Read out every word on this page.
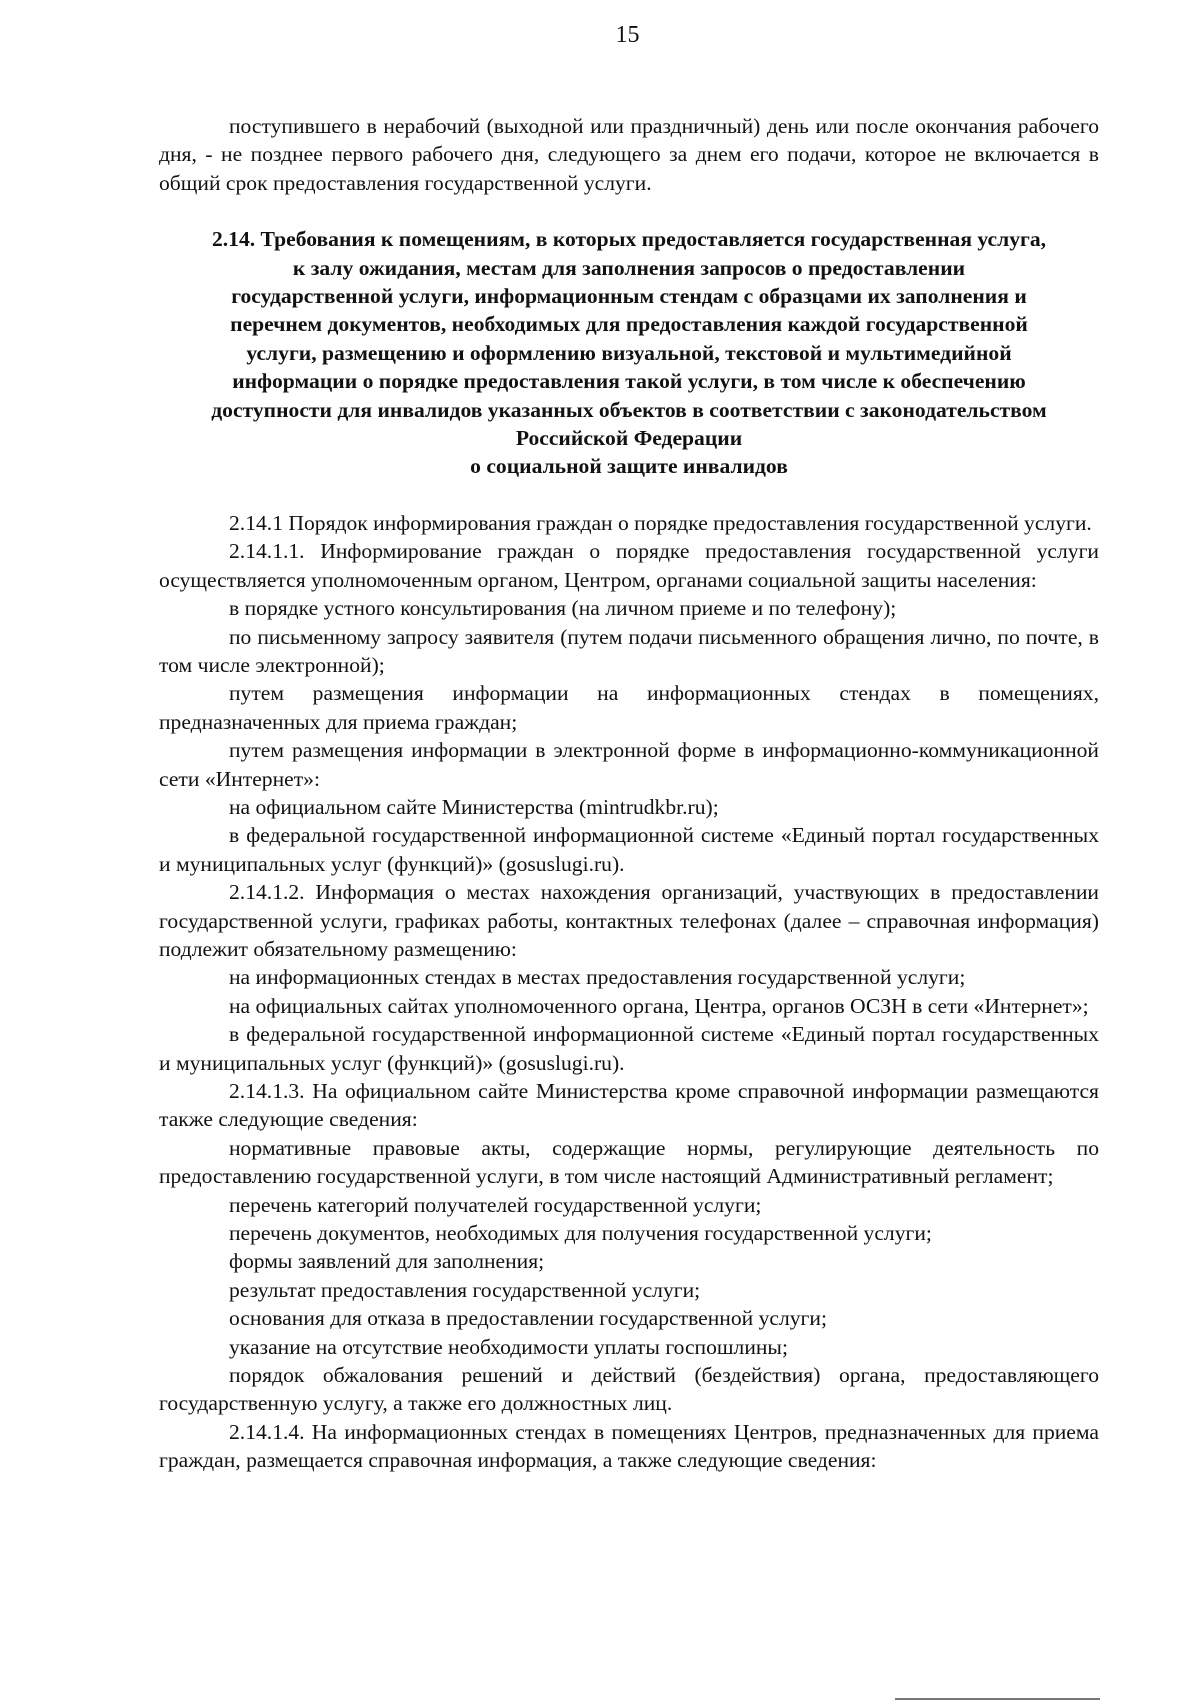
15

поступившего в нерабочий (выходной или праздничный) день или после окончания рабочего дня, - не позднее первого рабочего дня, следующего за днем его подачи, которое не включается в общий срок предоставления государственной услуги.

2.14. Требования к помещениям, в которых предоставляется государственная услуга,
к залу ожидания, местам для заполнения запросов о предоставлении
государственной услуги, информационным стендам с образцами их заполнения и
перечнем документов, необходимых для предоставления каждой государственной
услуги, размещению и оформлению визуальной, текстовой и мультимедийной
информации о порядке предоставления такой услуги, в том числе к обеспечению
доступности для инвалидов указанных объектов в соответствии с законодательством
Российской Федерации
о социальной защите инвалидов

2.14.1 Порядок информирования граждан о порядке предоставления государственной услуги.

2.14.1.1. Информирование граждан о порядке предоставления государственной услуги осуществляется уполномоченным органом, Центром, органами социальной защиты населения:

в порядке устного консультирования (на личном приеме и по телефону);

по письменному запросу заявителя (путем подачи письменного обращения лично, по почте, в том числе электронной);

путем размещения информации на информационных стендах в помещениях, предназначенных для приема граждан;

путем размещения информации в электронной форме в информационно-коммуникационной сети «Интернет»:

на официальном сайте Министерства (mintrudkbr.ru);

в федеральной государственной информационной системе «Единый портал государственных и муниципальных услуг (функций)» (gosuslugi.ru).

2.14.1.2. Информация о местах нахождения организаций, участвующих в предоставлении государственной услуги, графиках работы, контактных телефонах (далее – справочная информация) подлежит обязательному размещению:

на информационных стендах в местах предоставления государственной услуги;

на официальных сайтах уполномоченного органа, Центра, органов ОСЗН в сети «Интернет»;

в федеральной государственной информационной системе «Единый портал государственных и муниципальных услуг (функций)» (gosuslugi.ru).

2.14.1.3. На официальном сайте Министерства кроме справочной информации размещаются также следующие сведения:

нормативные правовые акты, содержащие нормы, регулирующие деятельность по предоставлению государственной услуги, в том числе настоящий Административный регламент;

перечень категорий получателей государственной услуги;

перечень документов, необходимых для получения государственной услуги;

формы заявлений для заполнения;

результат предоставления государственной услуги;

основания для отказа в предоставлении государственной услуги;

указание на отсутствие необходимости уплаты госпошлины;

порядок обжалования решений и действий (бездействия) органа, предоставляющего государственную услугу, а также его должностных лиц.

2.14.1.4. На информационных стендах в помещениях Центров, предназначенных для приема граждан, размещается справочная информация, а также следующие сведения:
